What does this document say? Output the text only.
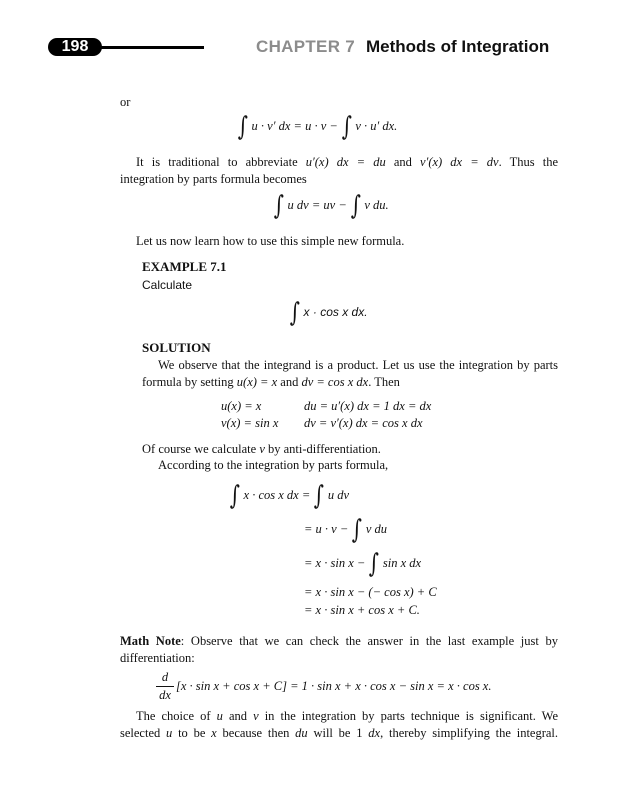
198	CHAPTER 7 Methods of Integration
or
∫ u · v′ dx = u · v − ∫ v · u′ dx.
It is traditional to abbreviate u′(x) dx = du and v′(x) dx = dv. Thus the
integration by parts formula becomes
∫ u dv = uv − ∫ v du.
Let us now learn how to use this simple new formula.
EXAMPLE 7.1
Calculate
∫ x · cos x dx.
SOLUTION
We observe that the integrand is a product. Let us use the integration by parts
formula by setting u(x) = x and dv = cos x dx. Then
u(x) = x	du = u′(x) dx = 1 dx = dx
v(x) = sin x dv = v′(x) dx = cos x dx
Of course we calculate v by anti-differentiation.
According to the integration by parts formula,
∫ x · cos x dx = ∫ u dv
= u · v − ∫ v du
= x · sin x − ∫ sin x dx
= x · sin x − (− cos x) + C
= x · sin x + cos x + C.
Math Note: Observe that we can check the answer in the last example just by
differentiation:
d
dx
[x · sin x + cos x + C] = 1 · sin x + x · cos x − sin x = x · cos x.
The choice of u and v in the integration by parts technique is significant. We
selected u to be x because then du will be 1 dx, thereby simplifying the integral.
